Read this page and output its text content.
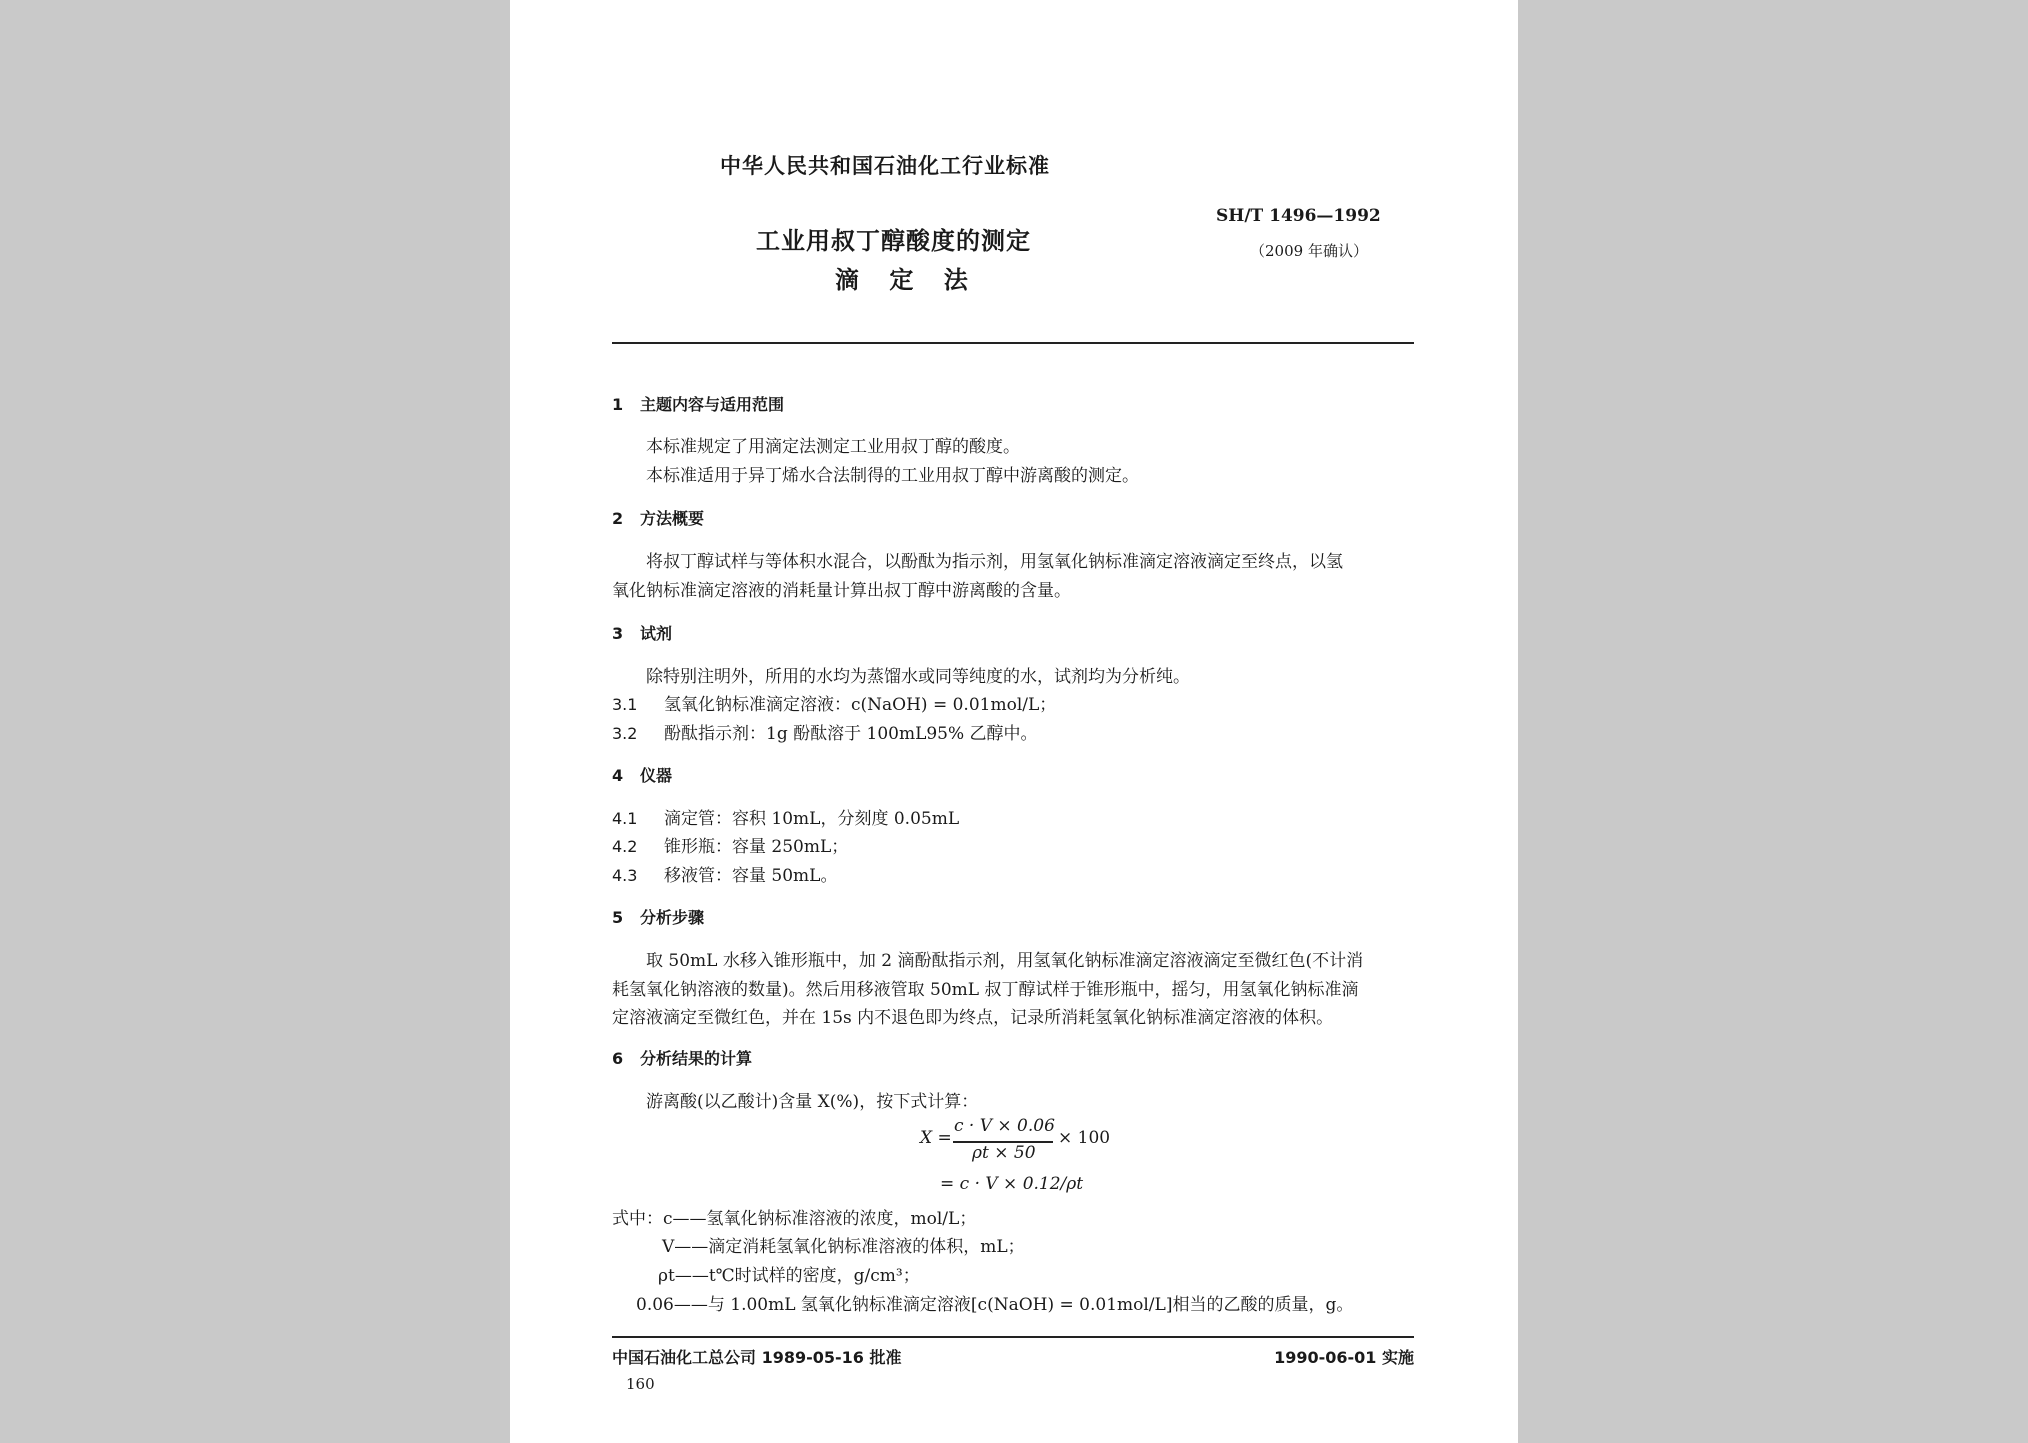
中华人民共和国石油化工行业标准
工业用叔丁醇酸度的测定
滴 定 法
SH/T 1496—1992
（2009 年确认）
1 主题内容与适用范围
本标准规定了用滴定法测定工业用叔丁醇的酸度。
本标准适用于异丁烯水合法制得的工业用叔丁醇中游离酸的测定。
2 方法概要
将叔丁醇试样与等体积水混合，以酚酞为指示剂，用氢氧化钠标准滴定溶液滴定至终点，以氢
氧化钠标准滴定溶液的消耗量计算出叔丁醇中游离酸的含量。
3 试剂
除特别注明外，所用的水均为蒸馏水或同等纯度的水，试剂均为分析纯。
3.1 氢氧化钠标准滴定溶液：c(NaOH) = 0.01mol/L；
3.2 酚酞指示剂：1g 酚酞溶于 100mL95% 乙醇中。
4 仪器
4.1 滴定管：容积 10mL，分刻度 0.05mL
4.2 锥形瓶：容量 250mL；
4.3 移液管：容量 50mL。
5 分析步骤
取 50mL 水移入锥形瓶中，加 2 滴酚酞指示剂，用氢氧化钠标准滴定溶液滴定至微红色(不计消
耗氢氧化钠溶液的数量)。然后用移液管取 50mL 叔丁醇试样于锥形瓶中，摇匀，用氢氧化钠标准滴
定溶液滴定至微红色，并在 15s 内不退色即为终点，记录所消耗氢氧化钠标准滴定溶液的体积。
6 分析结果的计算
游离酸(以乙酸计)含量 X(%)，按下式计算：
X =
c · V × 0.06
ρt × 50
× 100
= c · V × 0.12/ρt
式中：c——氢氧化钠标准溶液的浓度，mol/L；
V——滴定消耗氢氧化钠标准溶液的体积，mL；
ρt——t℃时试样的密度，g/cm³；
0.06——与 1.00mL 氢氧化钠标准滴定溶液[c(NaOH) = 0.01mol/L]相当的乙酸的质量，g。
中国石油化工总公司 1989-05-16 批准	1990-06-01 实施
160
